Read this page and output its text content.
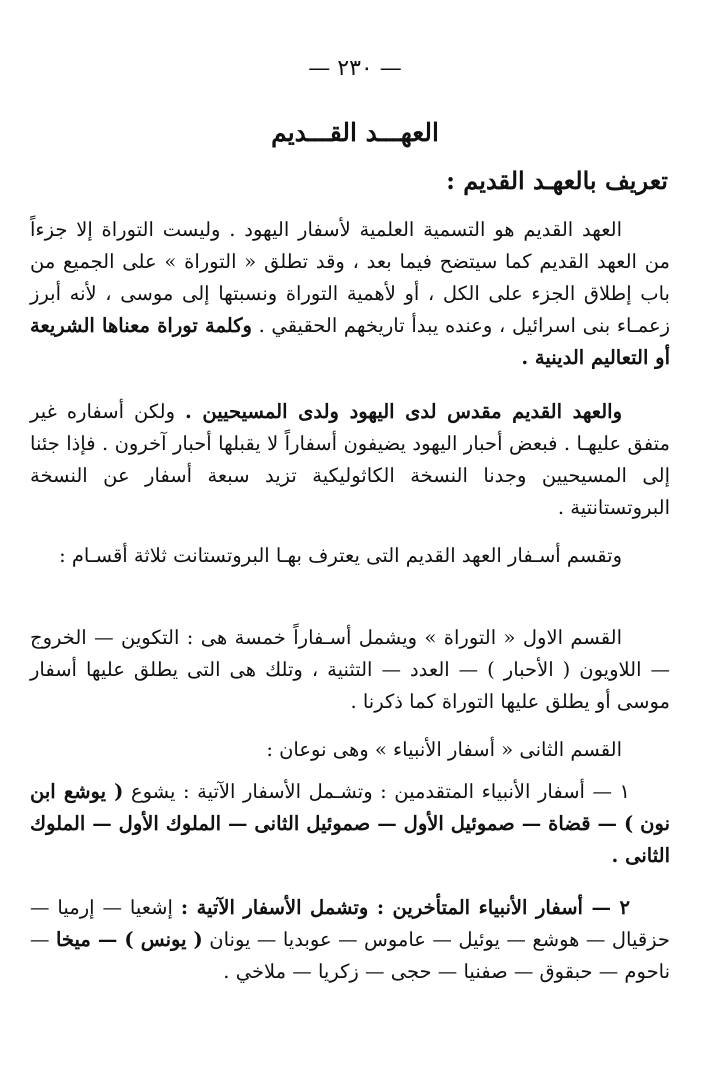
— ٢٣٠ —
العهـــد القـــديم
تعريف بالعهـد القديم :

العهد القديم هو التسمية العلمية لأسفار اليهود . وليست التوراة إلا جزءاً من العهد القديم كما سيتضح فيما بعد ، وقد تطلق « التوراة » على الجميع من باب إطلاق الجزء على الكل ، أو لأهمية التوراة ونسبتها إلى موسى ، لأنه أبرز زعمـاء بنى اسرائيل ، وعنده يبدأ تاريخهم الحقيقي . وكلمة توراة معناها الشريعة أو التعاليم الدينية .

والعهد القديم مقدس لدى اليهود ولدى المسيحيين . ولكن أسفاره غير متفق عليهـا . فبعض أحبار اليهود يضيفون أسفاراً لا يقبلها أحبار آخرون . فإذا جئنا إلى المسيحيين وجدنا النسخة الكاثوليكية تزيد سبعة أسفار عن النسخة البروتستانتية .

وتقسم أسـفار العهد القديم التى يعترف بهـا البروتستانت ثلاثة أقسـام :

القسم الاول « التوراة » ويشمل أسـفاراً خمسة هى : التكوين — الخروج — اللاويون ( الأحبار ) — العدد — التثنية ، وتلك هى التى يطلق عليها أسفار موسى أو يطلق عليها التوراة كما ذكرنا .

القسم الثانى « أسفار الأنبياء » وهى نوعان :

١ — أسفار الأنبياء المتقدمين : وتشـمل الأسفار الآتية : يشوع ( يوشع ابن نون ) — قضاة — صموئيل الأول — صموئيل الثانى — الملوك الأول — الملوك الثانى .

٢ — أسفار الأنبياء المتأخرين : وتشمل الأسفار الآتية : إشعيا — إرميا — حزقيال — هوشع — يوئيل — عاموس — عوبديا — يونان ( يونس ) — ميخا — ناحوم — حبقوق — صفنيا — حجى — زكريا — ملاخي .
